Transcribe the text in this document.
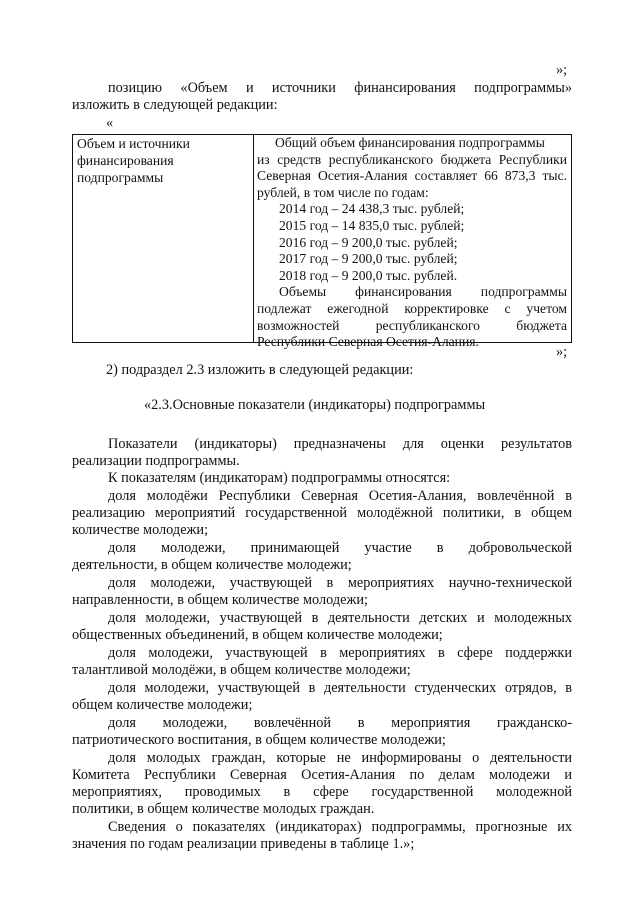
»;
позицию «Объем и источники финансирования подпрограммы»
изложить в следующей редакции:
«
Объем и источники
финансирования
подпрограммы
Общий объем финансирования подпрограммы
из средств республиканского бюджета Республики
Северная Осетия-Алания составляет 66 873,3 тыс.
рублей, в том числе по годам:
2014 год – 24 438,3 тыс. рублей;
2015 год – 14 835,0 тыс. рублей;
2016 год – 9 200,0 тыс. рублей;
2017 год – 9 200,0 тыс. рублей;
2018 год – 9 200,0 тыс. рублей.
Объемы финансирования подпрограммы
подлежат ежегодной корректировке с учетом
возможностей республиканского бюджета
Республики Северная Осетия-Алания.
»;
2) подраздел 2.3 изложить в следующей редакции:
«2.3.Основные показатели (индикаторы) подпрограммы
Показатели (индикаторы) предназначены для оценки результатов
реализации подпрограммы.
К показателям (индикаторам) подпрограммы относятся:
доля молодёжи Республики Северная Осетия-Алания, вовлечённой в
реализацию мероприятий государственной молодёжной политики, в общем
количестве молодежи;
доля молодежи, принимающей участие в добровольческой
деятельности, в общем количестве молодежи;
доля молодежи, участвующей в мероприятиях научно-технической
направленности, в общем количестве молодежи;
доля молодежи, участвующей в деятельности детских и молодежных
общественных объединений, в общем количестве молодежи;
доля молодежи, участвующей в мероприятиях в сфере поддержки
талантливой молодёжи, в общем количестве молодежи;
доля молодежи, участвующей в деятельности студенческих отрядов, в
общем количестве молодежи;
доля молодежи, вовлечённой в мероприятия гражданско-
патриотического воспитания, в общем количестве молодежи;
доля молодых граждан, которые не информированы о деятельности
Комитета Республики Северная Осетия-Алания по делам молодежи и
мероприятиях, проводимых в сфере государственной молодежной
политики, в общем количестве молодых граждан.
Сведения о показателях (индикаторах) подпрограммы, прогнозные их
значения по годам реализации приведены в таблице 1.»;
